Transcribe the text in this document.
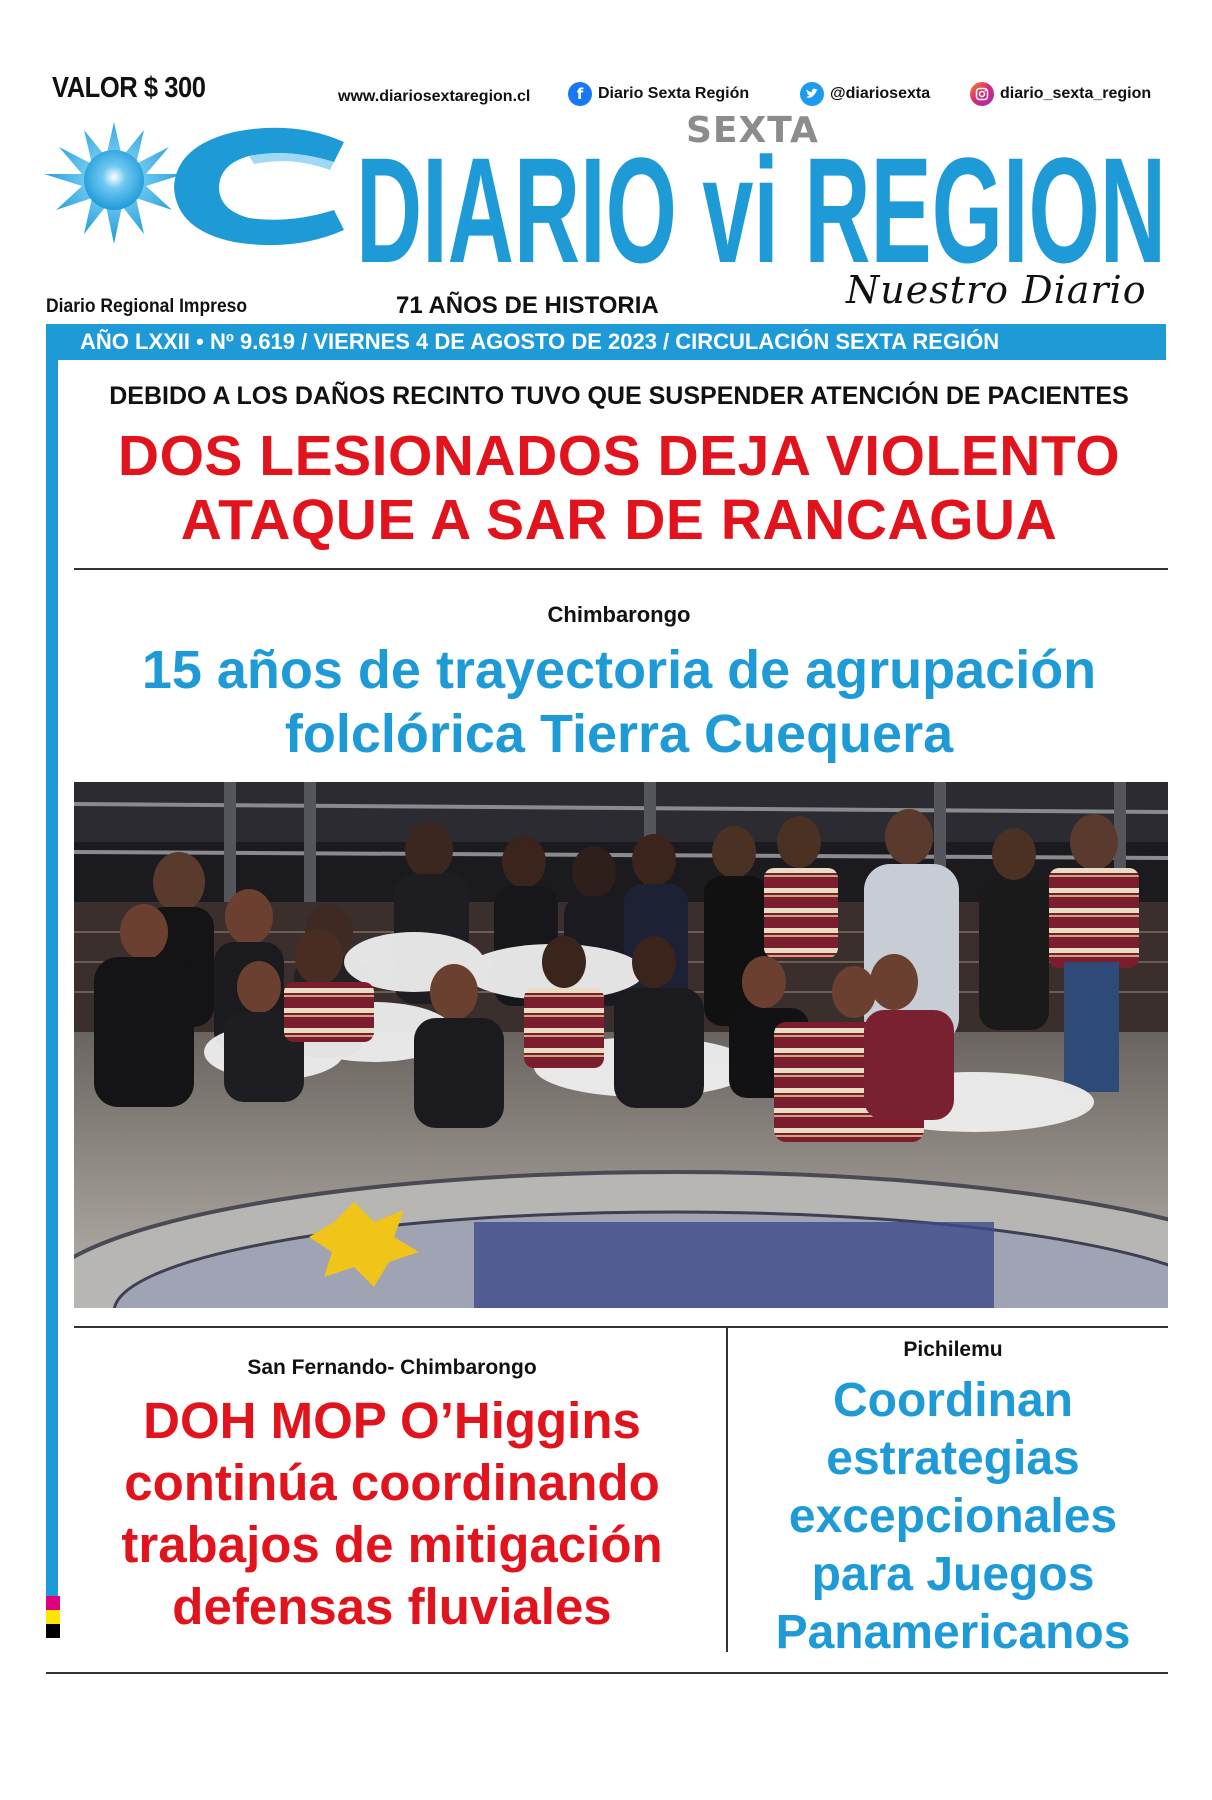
VALOR $ 300	www.diariosextaregion.cl	f Diario Sexta Región	@diariosexta	diario_sexta_region
SEXTA
DIARIO vi REGION
Diario Regional Impreso	71 AÑOS DE HISTORIA	Nuestro Diario
AÑO LXXII • Nº 9.619 / VIERNES 4 DE AGOSTO DE 2023 / CIRCULACIÓN SEXTA REGIÓN
DEBIDO A LOS DAÑOS RECINTO TUVO QUE SUSPENDER ATENCIÓN DE PACIENTES
DOS LESIONADOS DEJA VIOLENTO ATAQUE A SAR DE RANCAGUA
Chimbarongo
15 años de trayectoria de agrupación folclórica Tierra Cuequera
San Fernando- Chimbarongo
DOH MOP O’Higgins continúa coordinando trabajos de mitigación defensas fluviales
Pichilemu
Coordinan estrategias excepcionales para Juegos Panamericanos
